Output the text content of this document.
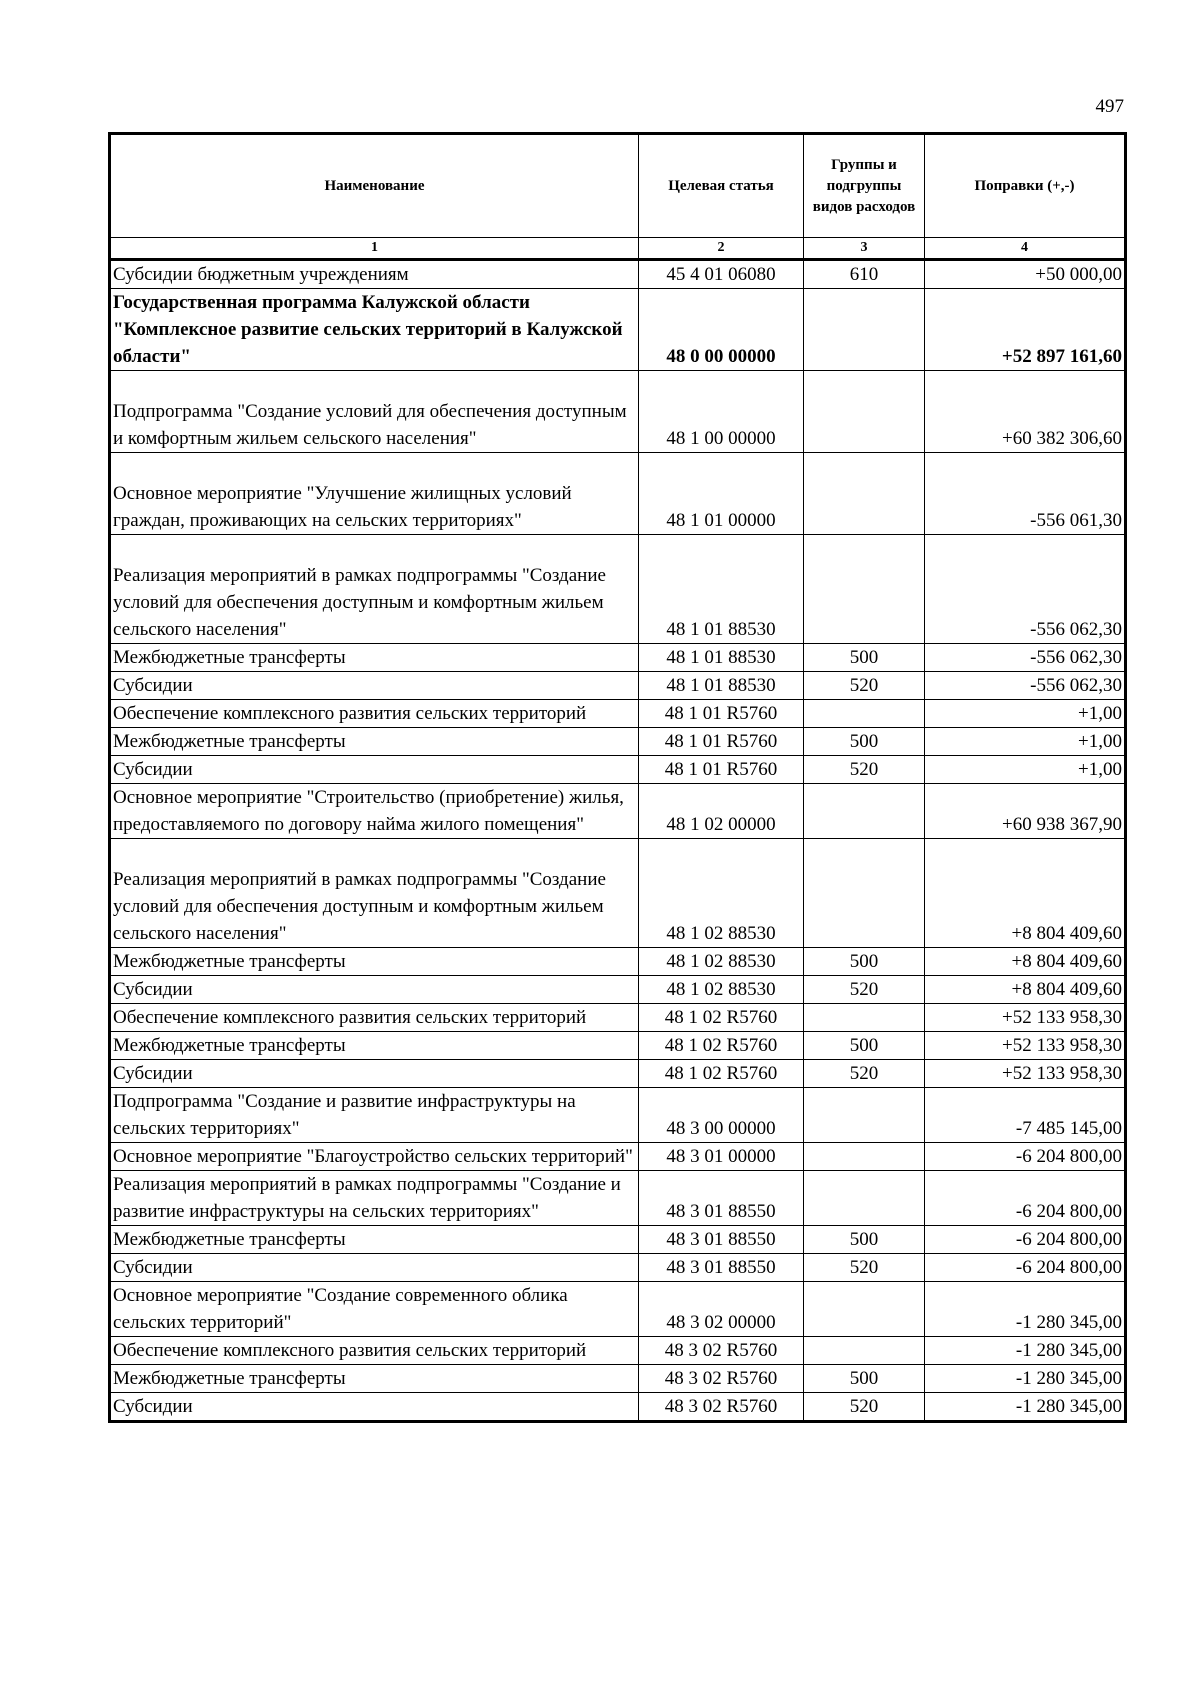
497
Наименование	Целевая статья	Группы и подгруппы видов расходов	Поправки (+,-)
1	2	3	4
Субсидии бюджетным учреждениям	45 4 01 06080	610	+50 000,00
Государственная программа Калужской области "Комплексное развитие сельских территорий в Калужской области"	48 0 00 00000		+52 897 161,60
Подпрограмма "Создание условий для обеспечения доступным и комфортным жильем сельского населения"	48 1 00 00000		+60 382 306,60
Основное мероприятие "Улучшение жилищных условий граждан, проживающих на сельских территориях"	48 1 01 00000		-556 061,30
Реализация мероприятий в рамках подпрограммы "Создание условий для обеспечения доступным и комфортным жильем сельского населения"	48 1 01 88530		-556 062,30
Межбюджетные трансферты	48 1 01 88530	500	-556 062,30
Субсидии	48 1 01 88530	520	-556 062,30
Обеспечение комплексного развития сельских территорий	48 1 01 R5760		+1,00
Межбюджетные трансферты	48 1 01 R5760	500	+1,00
Субсидии	48 1 01 R5760	520	+1,00
Основное мероприятие "Строительство (приобретение) жилья, предоставляемого по договору найма жилого помещения"	48 1 02 00000		+60 938 367,90
Реализация мероприятий в рамках подпрограммы "Создание условий для обеспечения доступным и комфортным жильем сельского населения"	48 1 02 88530		+8 804 409,60
Межбюджетные трансферты	48 1 02 88530	500	+8 804 409,60
Субсидии	48 1 02 88530	520	+8 804 409,60
Обеспечение комплексного развития сельских территорий	48 1 02 R5760		+52 133 958,30
Межбюджетные трансферты	48 1 02 R5760	500	+52 133 958,30
Субсидии	48 1 02 R5760	520	+52 133 958,30
Подпрограмма "Создание и развитие инфраструктуры на сельских территориях"	48 3 00 00000		-7 485 145,00
Основное мероприятие "Благоустройство сельских территорий"	48 3 01 00000		-6 204 800,00
Реализация мероприятий в рамках подпрограммы "Создание и развитие инфраструктуры на сельских территориях"	48 3 01 88550		-6 204 800,00
Межбюджетные трансферты	48 3 01 88550	500	-6 204 800,00
Субсидии	48 3 01 88550	520	-6 204 800,00
Основное мероприятие "Создание современного облика сельских территорий"	48 3 02 00000		-1 280 345,00
Обеспечение комплексного развития сельских территорий	48 3 02 R5760		-1 280 345,00
Межбюджетные трансферты	48 3 02 R5760	500	-1 280 345,00
Субсидии	48 3 02 R5760	520	-1 280 345,00
